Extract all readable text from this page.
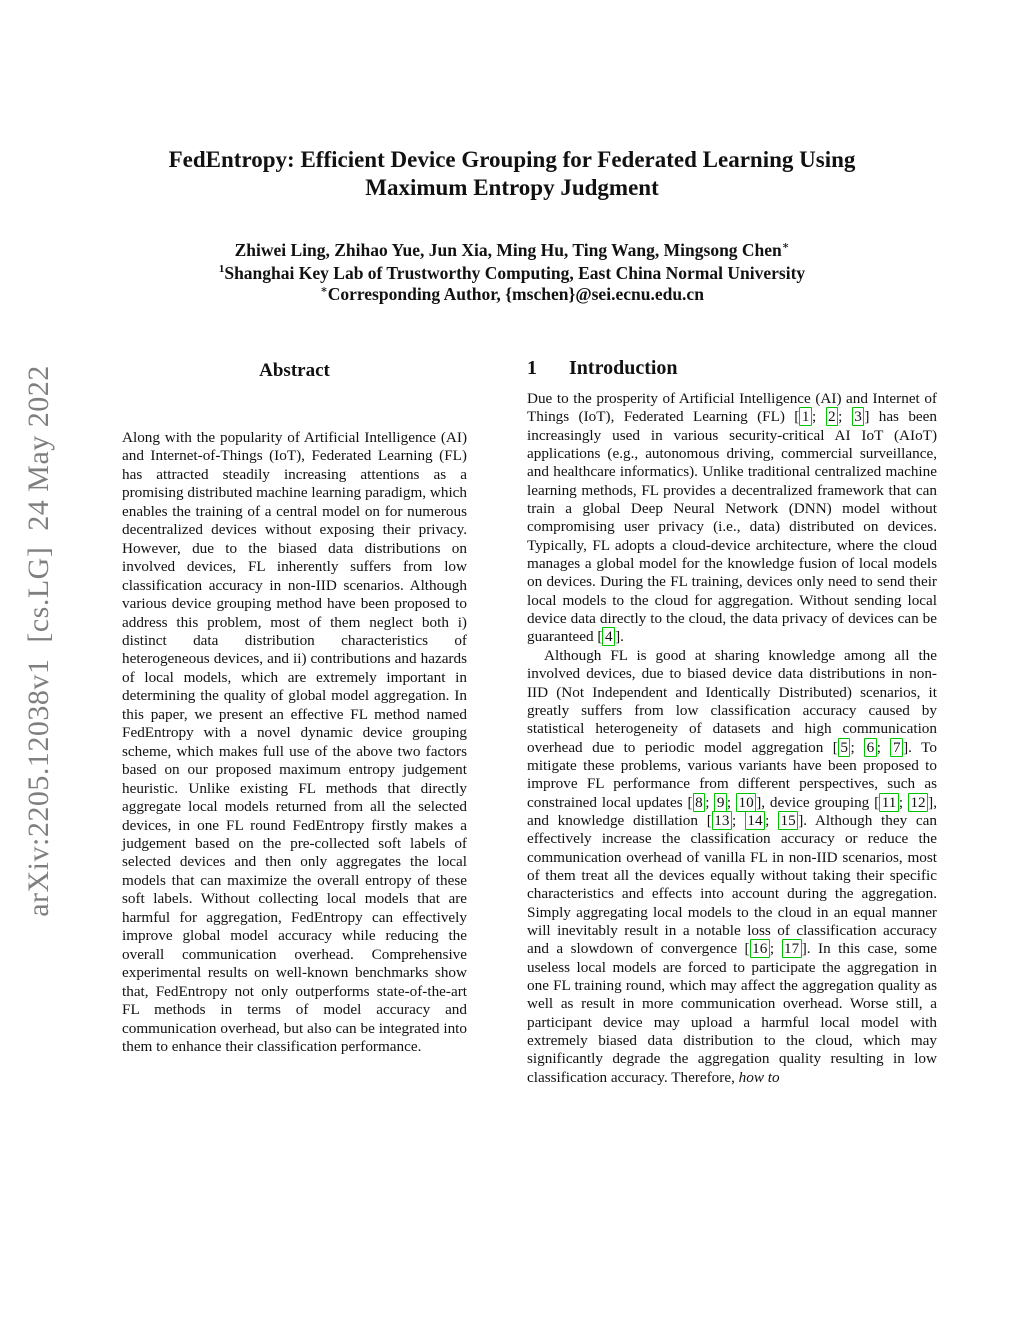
arXiv:2205.12038v1  [cs.LG]  24 May 2022
FedEntropy: Efficient Device Grouping for Federated Learning Using
Maximum Entropy Judgment
Zhiwei Ling, Zhihao Yue, Jun Xia, Ming Hu, Ting Wang, Mingsong Chen∗
$^1$Shanghai Key Lab of Trustworthy Computing, East China Normal University
∗Corresponding Author, {mschen}@sei.ecnu.edu.cn
Abstract

Along with the popularity of Artificial Intelligence (AI) and Internet-of-Things (IoT), Federated Learning (FL) has attracted steadily increasing attentions as a promising distributed machine learning paradigm, which enables the training of a central model on for numerous decentralized devices without exposing their privacy. However, due to the biased data distributions on involved devices, FL inherently suffers from low classification accuracy in non-IID scenarios. Although various device grouping method have been proposed to address this problem, most of them neglect both i) distinct data distribution characteristics of heterogeneous devices, and ii) contributions and hazards of local models, which are extremely important in determining the quality of global model aggregation. In this paper, we present an effective FL method named FedEntropy with a novel dynamic device grouping scheme, which makes full use of the above two factors based on our proposed maximum entropy judgement heuristic. Unlike existing FL methods that directly aggregate local models returned from all the selected devices, in one FL round FedEntropy firstly makes a judgement based on the pre-collected soft labels of selected devices and then only aggregates the local models that can maximize the overall entropy of these soft labels. Without collecting local models that are harmful for aggregation, FedEntropy can effectively improve global model accuracy while reducing the overall communication overhead. Comprehensive experimental results on well-known benchmarks show that, FedEntropy not only outperforms state-of-the-art FL methods in terms of model accuracy and communication overhead, but also can be integrated into them to enhance their classification performance.

1	Introduction

Due to the prosperity of Artificial Intelligence (AI) and Internet of Things (IoT), Federated Learning (FL) [ 1 ; 2 ; 3 ] has been increasingly used in various security-critical AI IoT (AIoT) applications (e.g., autonomous driving, commercial surveillance, and healthcare informatics). Unlike traditional centralized machine learning methods, FL provides a decentralized framework that can train a global Deep Neural Network (DNN) model without compromising user privacy (i.e., data) distributed on devices. Typically, FL adopts a cloud-device architecture, where the cloud manages a global model for the knowledge fusion of local models on devices. During the FL training, devices only need to send their local models to the cloud for aggregation. Without sending local device data directly to the cloud, the data privacy of devices can be guaranteed [ 4 ].

Although FL is good at sharing knowledge among all the involved devices, due to biased device data distributions in non-IID (Not Independent and Identically Distributed) scenarios, it greatly suffers from low classification accuracy caused by statistical heterogeneity of datasets and high communication overhead due to periodic model aggregation [ 5 ; 6 ; 7 ]. To mitigate these problems, various variants have been proposed to improve FL performance from different perspectives, such as constrained local updates [ 8 ; 9 ; 10 ], device grouping [ 11 ; 12 ], and knowledge distillation [ 13 ; 14 ; 15 ]. Although they can effectively increase the classification accuracy or reduce the communication overhead of vanilla FL in non-IID scenarios, most of them treat all the devices equally without taking their specific characteristics and effects into account during the aggregation. Simply aggregating local models to the cloud in an equal manner will inevitably result in a notable loss of classification accuracy and a slowdown of convergence [ 16 ; 17 ]. In this case, some useless local models are forced to participate the aggregation in one FL training round, which may affect the aggregation quality as well as result in more communication overhead. Worse still, a participant device may upload a harmful local model with extremely biased data distribution to the cloud, which may significantly degrade the aggregation quality resulting in low classification accuracy. Therefore, how to
